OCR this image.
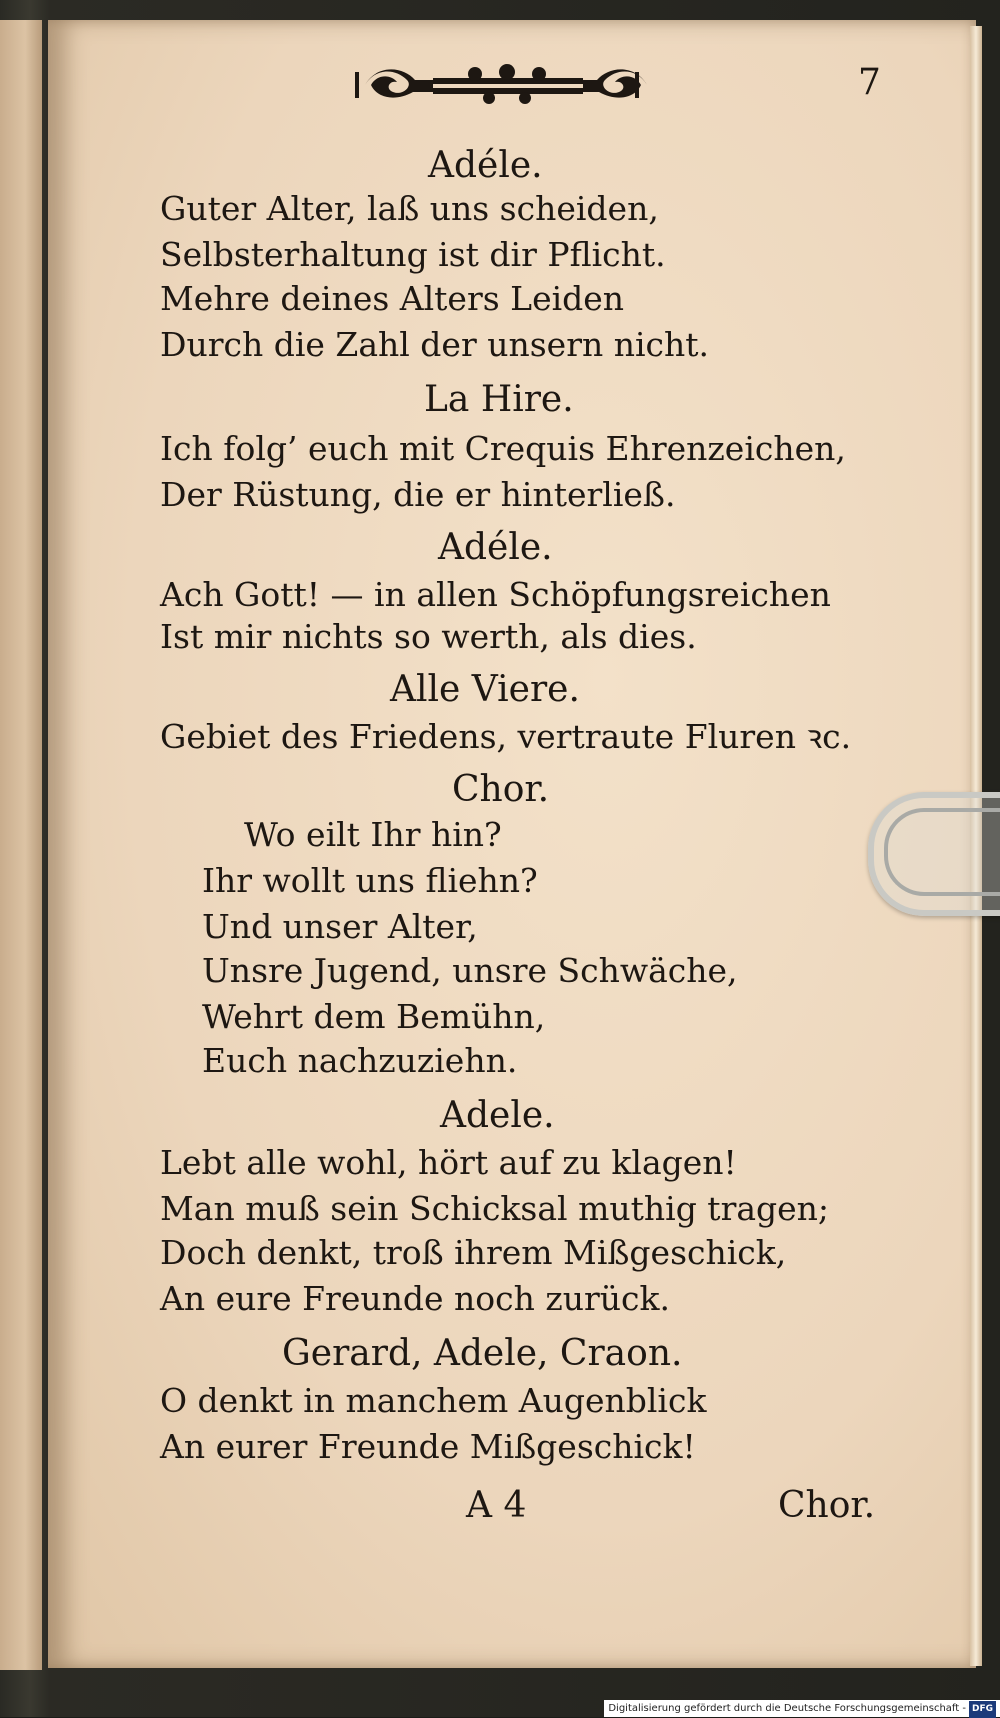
7
Adéle.
Guter Alter, laß uns scheiden,
Selbsterhaltung ist dir Pflicht.
Mehre deines Alters Leiden
Durch die Zahl der unsern nicht.
La Hire.
Ich folg’ euch mit Crequis Ehrenzeichen,
Der Rüstung, die er hinterließ.
Adéle.
Ach Gott! — in allen Schöpfungsreichen
Ist mir nichts so werth, als dies.
Alle Viere.
Gebiet des Friedens, vertraute Fluren ꝛc.
Chor.
Wo eilt Ihr hin?
Ihr wollt uns fliehn?
Und unser Alter,
Unsre Jugend, unsre Schwäche,
Wehrt dem Bemühn,
Euch nachzuziehn.
Adele.
Lebt alle wohl, hört auf zu klagen!
Man muß sein Schicksal muthig tragen;
Doch denkt, troß ihrem Mißgeschick,
An eure Freunde noch zurück.
Gerard, Adele, Craon.
O denkt in manchem Augenblick
An eurer Freunde Mißgeschick!
A 4	Chor.
Digitalisierung gefördert durch die Deutsche Forschungsgemeinschaft - DFG
